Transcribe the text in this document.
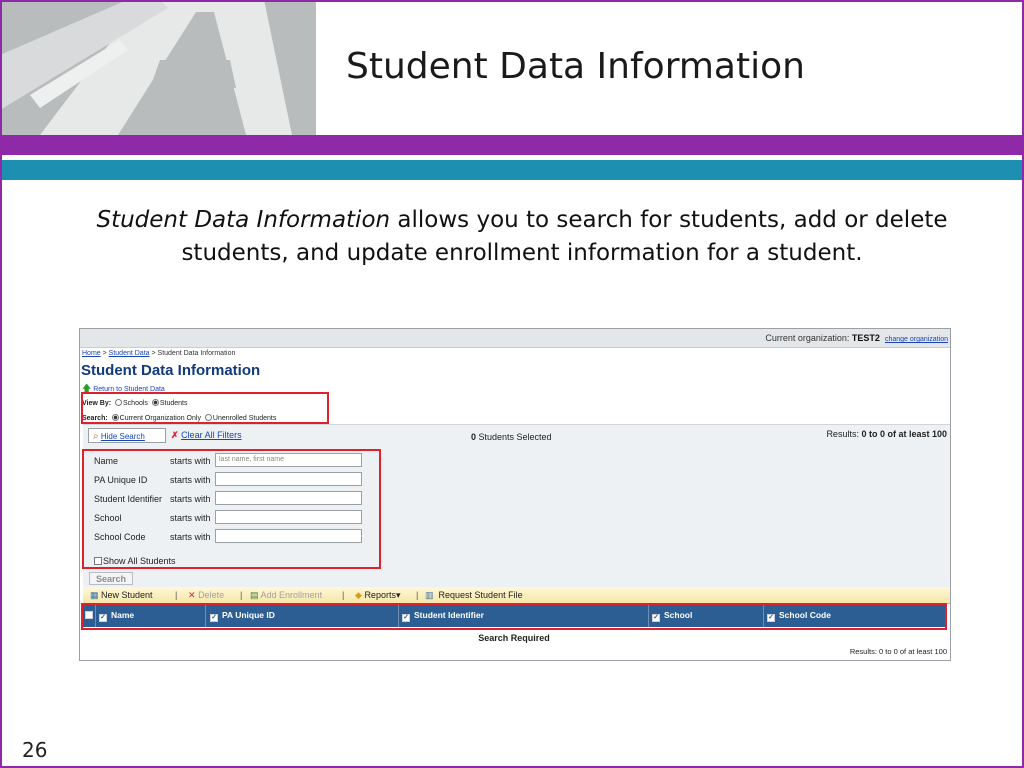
Student Data Information
Student Data Information allows you to search for students, add or delete students, and update enrollment information for a student.
Current organization: TEST2 change organization
Home > Student Data > Student Data Information
Student Data Information
🡅 Return to Student Data
View By: Schools Students
Search: Current Organization Only Unenrolled Students
⌕ Hide Search	✗ Clear All Filters	0 Students Selected	Results: 0 to 0 of at least 100
Name	starts with	last name, first name
PA Unique ID	starts with
Student Identifier starts with
School	starts with
School Code	starts with
Show All Students
Search
▦ New Student | ✕ Delete | ▤ Add Enrollment | ◆ Reports▾ | ▥ Request Student File
✓ Name	✓ PA Unique ID	✓ Student Identifier	✓ School	✓ School Code
Search Required
Results: 0 to 0 of at least 100
26
